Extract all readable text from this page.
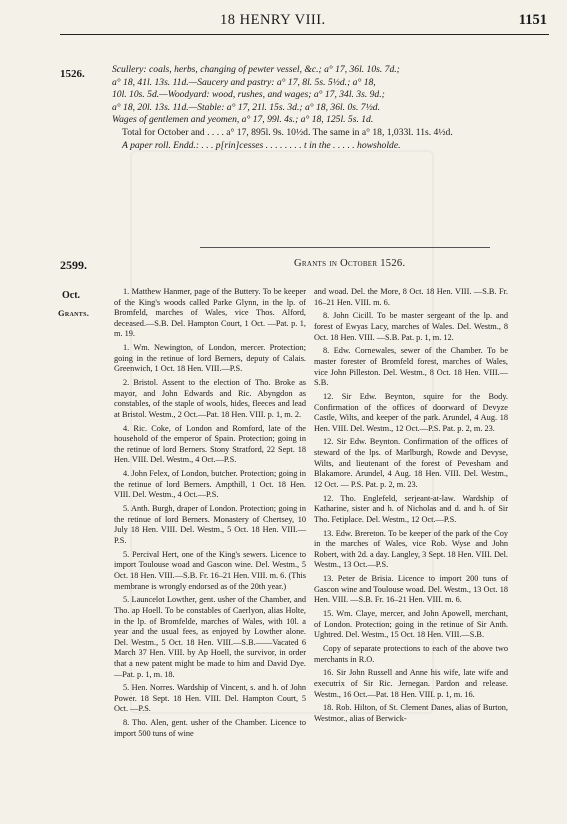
18 HENRY VIII.	1151
1526.	Scullery: coals, herbs, changing of pewter vessel, &c.; a° 17, 36l. 10s. 7d.;

a° 18, 41l. 13s. 11d.—Saucery and pastry: a° 17, 8l. 5s. 5½d.; a° 18,

10l. 10s. 5d.—Woodyard: wood, rushes, and wages; a° 17, 34l. 3s. 9d.;

a° 18, 20l. 13s. 11d.—Stable: a° 17, 21l. 15s. 3d.; a° 18, 36l. 0s. 7½d.

Wages of gentlemen and yeomen, a° 17, 99l. 4s.; a° 18, 125l. 5s. 1d.

Total for October and . . . . a° 17, 895l. 9s. 10½d. The same in a° 18, 1,033l. 11s. 4½d.

A paper roll. Endd.: . . . p[rin]cesses . . . . . . . . t in the . . . . . howsholde.

2599.	Grants in October 1526.
Oct.
Grants.

1. Matthew Hanmer, page of the Buttery. To be keeper of the King's woods called Parke Glynn, in the lp. of Bromfeld, marches of Wales, vice Thos. Alford, deceased.—S.B. Del. Hampton Court, 1 Oct. —Pat. p. 1, m. 19.

1. Wm. Newington, of London, mercer. Protection; going in the retinue of lord Berners, deputy of Calais. Greenwich, 1 Oct. 18 Hen. VIII.—P.S.

2. Bristol. Assent to the election of Tho. Broke as mayor, and John Edwards and Ric. Abyngdon as constables, of the staple of wools, hides, fleeces and lead at Bristol. Westm., 2 Oct.—Pat. 18 Hen. VIII. p. 1, m. 2.

4. Ric. Coke, of London and Romford, late of the household of the emperor of Spain. Protection; going in the retinue of lord Berners. Stony Stratford, 22 Sept. 18 Hen. VIII. Del. Westm., 4 Oct.—P.S.

4. John Felex, of London, butcher. Protection; going in the retinue of lord Berners. Ampthill, 1 Oct. 18 Hen. VIII. Del. Westm., 4 Oct.—P.S.

5. Anth. Burgh, draper of London. Protection; going in the retinue of lord Berners. Monastery of Chertsey, 10 July 18 Hen. VIII. Del. Westm., 5 Oct. 18 Hen. VIII.—P.S.

5. Percival Hert, one of the King's sewers. Licence to import Toulouse woad and Gascon wine. Del. Westm., 5 Oct. 18 Hen. VIII.—S.B. Fr. 16–21 Hen. VIII. m. 6. (This membrane is wrongly endorsed as of the 20th year.)

5. Launcelot Lowther, gent. usher of the Chamber, and Tho. ap Hoell. To be constables of Caerlyon, alias Holte, in the lp. of Bromfelde, marches of Wales, with 10l. a year and the usual fees, as enjoyed by Lowther alone. Del. Westm., 5 Oct. 18 Hen. VIII.—S.B.——Vacated 6 March 37 Hen. VIII. by Ap Hoell, the survivor, in order that a new patent might be made to him and David Dye.—Pat. p. 1, m. 18.

5. Hen. Norres. Wardship of Vincent, s. and h. of John Power. 18 Sept. 18 Hen. VIII. Del. Hampton Court, 5 Oct. —P.S.

8. Tho. Alen, gent. usher of the Chamber. Licence to import 500 tuns of wine

and woad. Del. the More, 8 Oct. 18 Hen. VIII. —S.B. Fr. 16–21 Hen. VIII. m. 6.

8. John Cicill. To be master sergeant of the lp. and forest of Ewyas Lacy, marches of Wales. Del. Westm., 8 Oct. 18 Hen. VIII. —S.B. Pat. p. 1, m. 12.

8. Edw. Cornewales, sewer of the Chamber. To be master forester of Bromfeld forest, marches of Wales, vice John Pilleston. Del. Westm., 8 Oct. 18 Hen. VIII.— S.B.

12. Sir Edw. Beynton, squire for the Body. Confirmation of the offices of doorward of Devyze Castle, Wilts, and keeper of the park. Arundel, 4 Aug. 18 Hen. VIII. Del. Westm., 12 Oct.—P.S. Pat. p. 2, m. 23.

12. Sir Edw. Beynton. Confirmation of the offices of steward of the lps. of Marlburgh, Rowde and Devyse, Wilts, and lieutenant of the forest of Pevesham and Blakamore. Arundel, 4 Aug. 18 Hen. VIII. Del. Westm., 12 Oct. — P.S. Pat. p. 2, m. 23.

12. Tho. Englefeld, serjeant-at-law. Wardship of Katharine, sister and h. of Nicholas and d. and h. of Sir Tho. Fetiplace. Del. Westm., 12 Oct.—P.S.

13. Edw. Brereton. To be keeper of the park of the Coy in the marches of Wales, vice Rob. Wyse and John Robert, with 2d. a day. Langley, 3 Sept. 18 Hen. VIII. Del. Westm., 13 Oct.—P.S.

13. Peter de Brisia. Licence to import 200 tuns of Gascon wine and Toulouse woad. Del. Westm., 13 Oct. 18 Hen. VIII. —S.B. Fr. 16–21 Hen. VIII. m. 6.

15. Wm. Claye, mercer, and John Apowell, merchant, of London. Protection; going in the retinue of Sir Anth. Ughtred. Del. Westm., 15 Oct. 18 Hen. VIII.—S.B.

Copy of separate protections to each of the above two merchants in R.O.

16. Sir John Russell and Anne his wife, late wife and executrix of Sir Ric. Jernegan. Pardon and release. Westm., 16 Oct.—Pat. 18 Hen. VIII. p. 1, m. 16.

18. Rob. Hilton, of St. Clement Danes, alias of Burton, Westmor., alias of Berwick-
